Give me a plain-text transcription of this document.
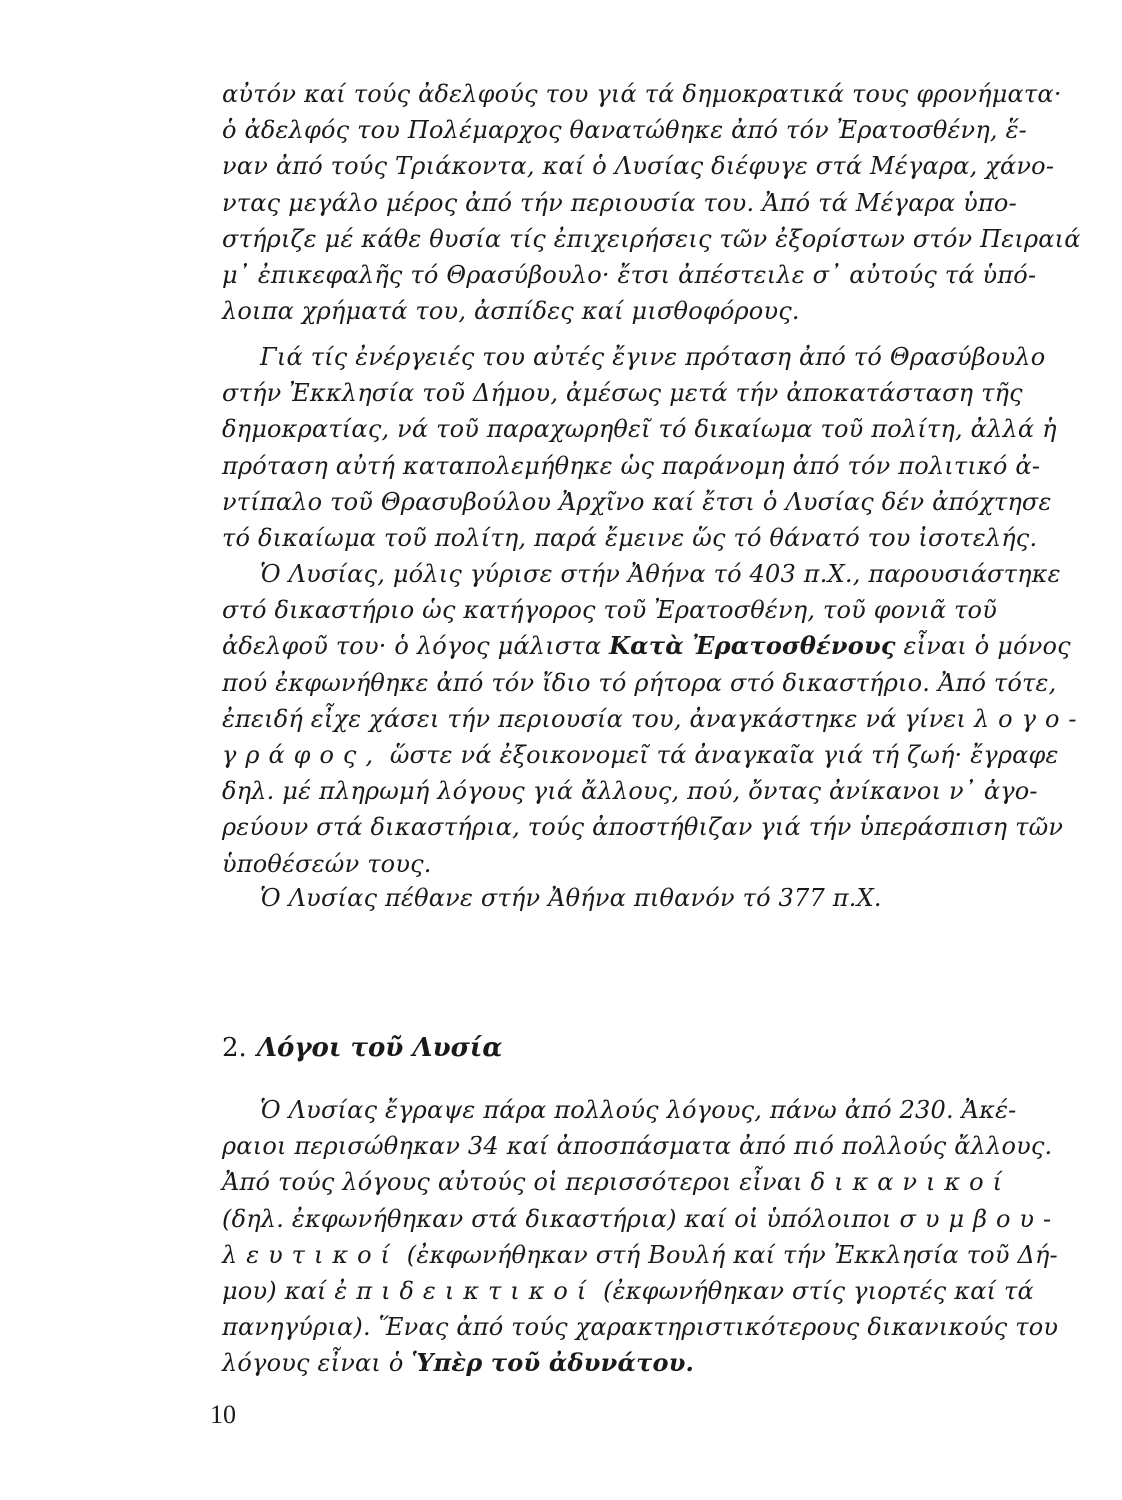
αὐτόν καί τούς ἀδελφούς του γιά τά δημοκρατικά τους φρονήματα·
ὁ ἀδελφός του Πολέμαρχος θανατώθηκε ἀπό τόν Ἐρατοσθένη, ἕ-
ναν ἀπό τούς Τριάκοντα, καί ὁ Λυσίας διέφυγε στά Μέγαρα, χάνο-
ντας μεγάλο μέρος ἀπό τήν περιουσία του. Ἀπό τά Μέγαρα ὑπο-
στήριζε μέ κάθε θυσία τίς ἐπιχειρήσεις τῶν ἐξορίστων στόν Πειραιά
μ᾽ ἐπικεφαλῆς τό Θρασύβουλο· ἔτσι ἀπέστειλε σ᾽ αὐτούς τά ὑπό-
λοιπα χρήματά του, ἀσπίδες καί μισθοφόρους.
Γιά τίς ἐνέργειές του αὐτές ἔγινε πρόταση ἀπό τό Θρασύβουλο
στήν Ἐκκλησία τοῦ Δήμου, ἀμέσως μετά τήν ἀποκατάσταση τῆς
δημοκρατίας, νά τοῦ παραχωρηθεῖ τό δικαίωμα τοῦ πολίτη, ἀλλά ἡ
πρόταση αὐτή καταπολεμήθηκε ὡς παράνομη ἀπό τόν πολιτικό ἀ-
ντίπαλο τοῦ Θρασυβούλου Ἀρχῖνο καί ἔτσι ὁ Λυσίας δέν ἀπόχτησε
τό δικαίωμα τοῦ πολίτη, παρά ἔμεινε ὥς τό θάνατό του ἰσοτελής.
Ὁ Λυσίας, μόλις γύρισε στήν Ἀθήνα τό 403 π.Χ., παρουσιάστηκε
στό δικαστήριο ὡς κατήγορος τοῦ Ἐρατοσθένη, τοῦ φονιᾶ τοῦ
ἀδελφοῦ του· ὁ λόγος μάλιστα Κατὰ Ἐρατοσθένους εἶναι ὁ μόνος
πού ἐκφωνήθηκε ἀπό τόν ἴδιο τό ρήτορα στό δικαστήριο. Ἀπό τότε,
ἐπειδή εἶχε χάσει τήν περιουσία του, ἀναγκάστηκε νά γίνει λογο-
γράφος, ὥστε νά ἐξοικονομεῖ τά ἀναγκαῖα γιά τή ζωή· ἔγραφε
δηλ. μέ πληρωμή λόγους γιά ἄλλους, πού, ὄντας ἀνίκανοι ν᾽ ἀγο-
ρεύουν στά δικαστήρια, τούς ἀποστήθιζαν γιά τήν ὑπεράσπιση τῶν
ὑποθέσεών τους.
Ὁ Λυσίας πέθανε στήν Ἀθήνα πιθανόν τό 377 π.Χ.
2. Λόγοι τοῦ Λυσία
Ὁ Λυσίας ἔγραψε πάρα πολλούς λόγους, πάνω ἀπό 230. Ἀκέ-
ραιοι περισώθηκαν 34 καί ἀποσπάσματα ἀπό πιό πολλούς ἄλλους.
Ἀπό τούς λόγους αὐτούς οἱ περισσότεροι εἶναι δικανικοί
(δηλ. ἐκφωνήθηκαν στά δικαστήρια) καί οἱ ὑπόλοιποι συμβου-
λευτικοί (ἐκφωνήθηκαν στή Βουλή καί τήν Ἐκκλησία τοῦ Δή-
μου) καί ἐπιδεικτικοί (ἐκφωνήθηκαν στίς γιορτές καί τά
πανηγύρια). Ἕνας ἀπό τούς χαρακτηριστικότερους δικανικούς του
λόγους εἶναι ὁ Ὑπὲρ τοῦ ἀδυνάτου.
10
